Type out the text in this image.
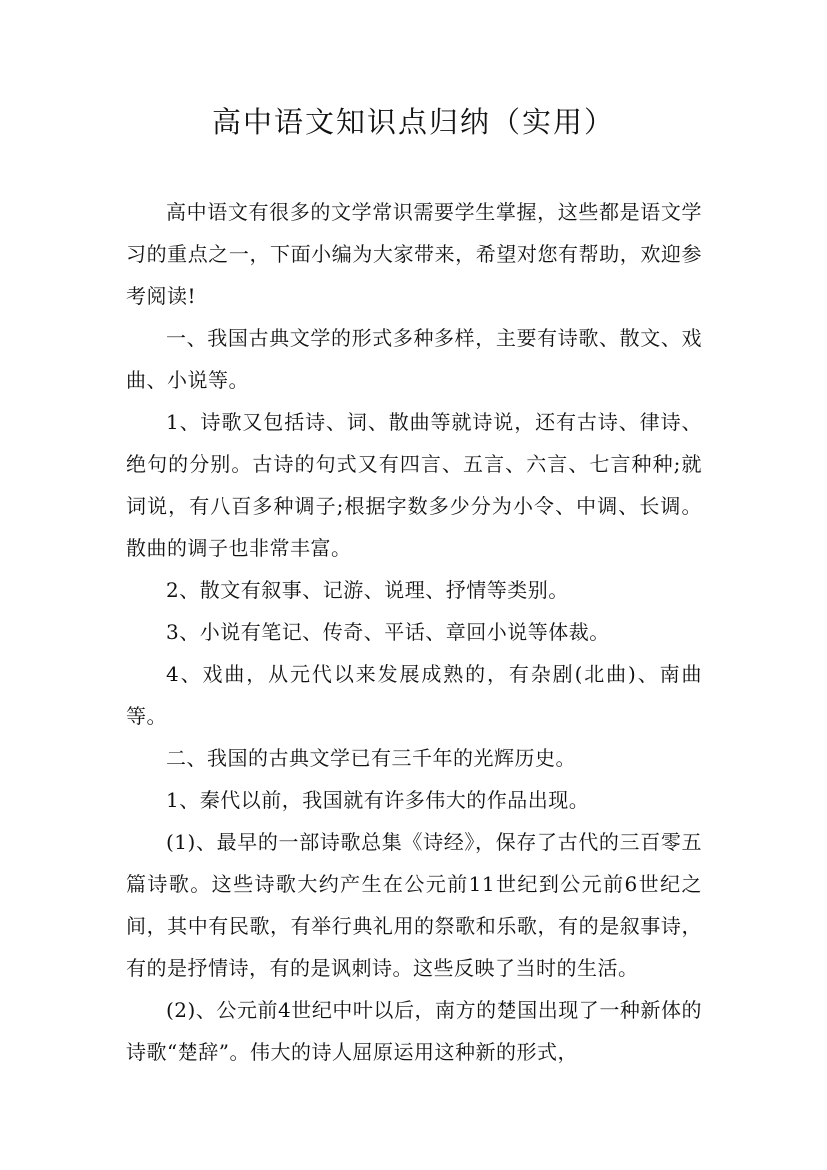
高中语文知识点归纳（实用）

高中语文有很多的文学常识需要学生掌握，这些都是语文学习的重点之一，下面小编为大家带来，希望对您有帮助，欢迎参考阅读!

一、我国古典文学的形式多种多样，主要有诗歌、散文、戏曲、小说等。

1、诗歌又包括诗、词、散曲等就诗说，还有古诗、律诗、绝句的分别。古诗的句式又有四言、五言、六言、七言种种;就词说，有八百多种调子;根据字数多少分为小令、中调、长调。散曲的调子也非常丰富。

2、散文有叙事、记游、说理、抒情等类别。

3、小说有笔记、传奇、平话、章回小说等体裁。

4、戏曲，从元代以来发展成熟的，有杂剧(北曲)、南曲等。

二、我国的古典文学已有三千年的光辉历史。

1、秦代以前，我国就有许多伟大的作品出现。

(1)、最早的一部诗歌总集《诗经》，保存了古代的三百零五篇诗歌。这些诗歌大约产生在公元前11世纪到公元前6世纪之间，其中有民歌，有举行典礼用的祭歌和乐歌，有的是叙事诗，有的是抒情诗，有的是讽刺诗。这些反映了当时的生活。

(2)、公元前4世纪中叶以后，南方的楚国出现了一种新体的诗歌“楚辞”。伟大的诗人屈原运用这种新的形式，
